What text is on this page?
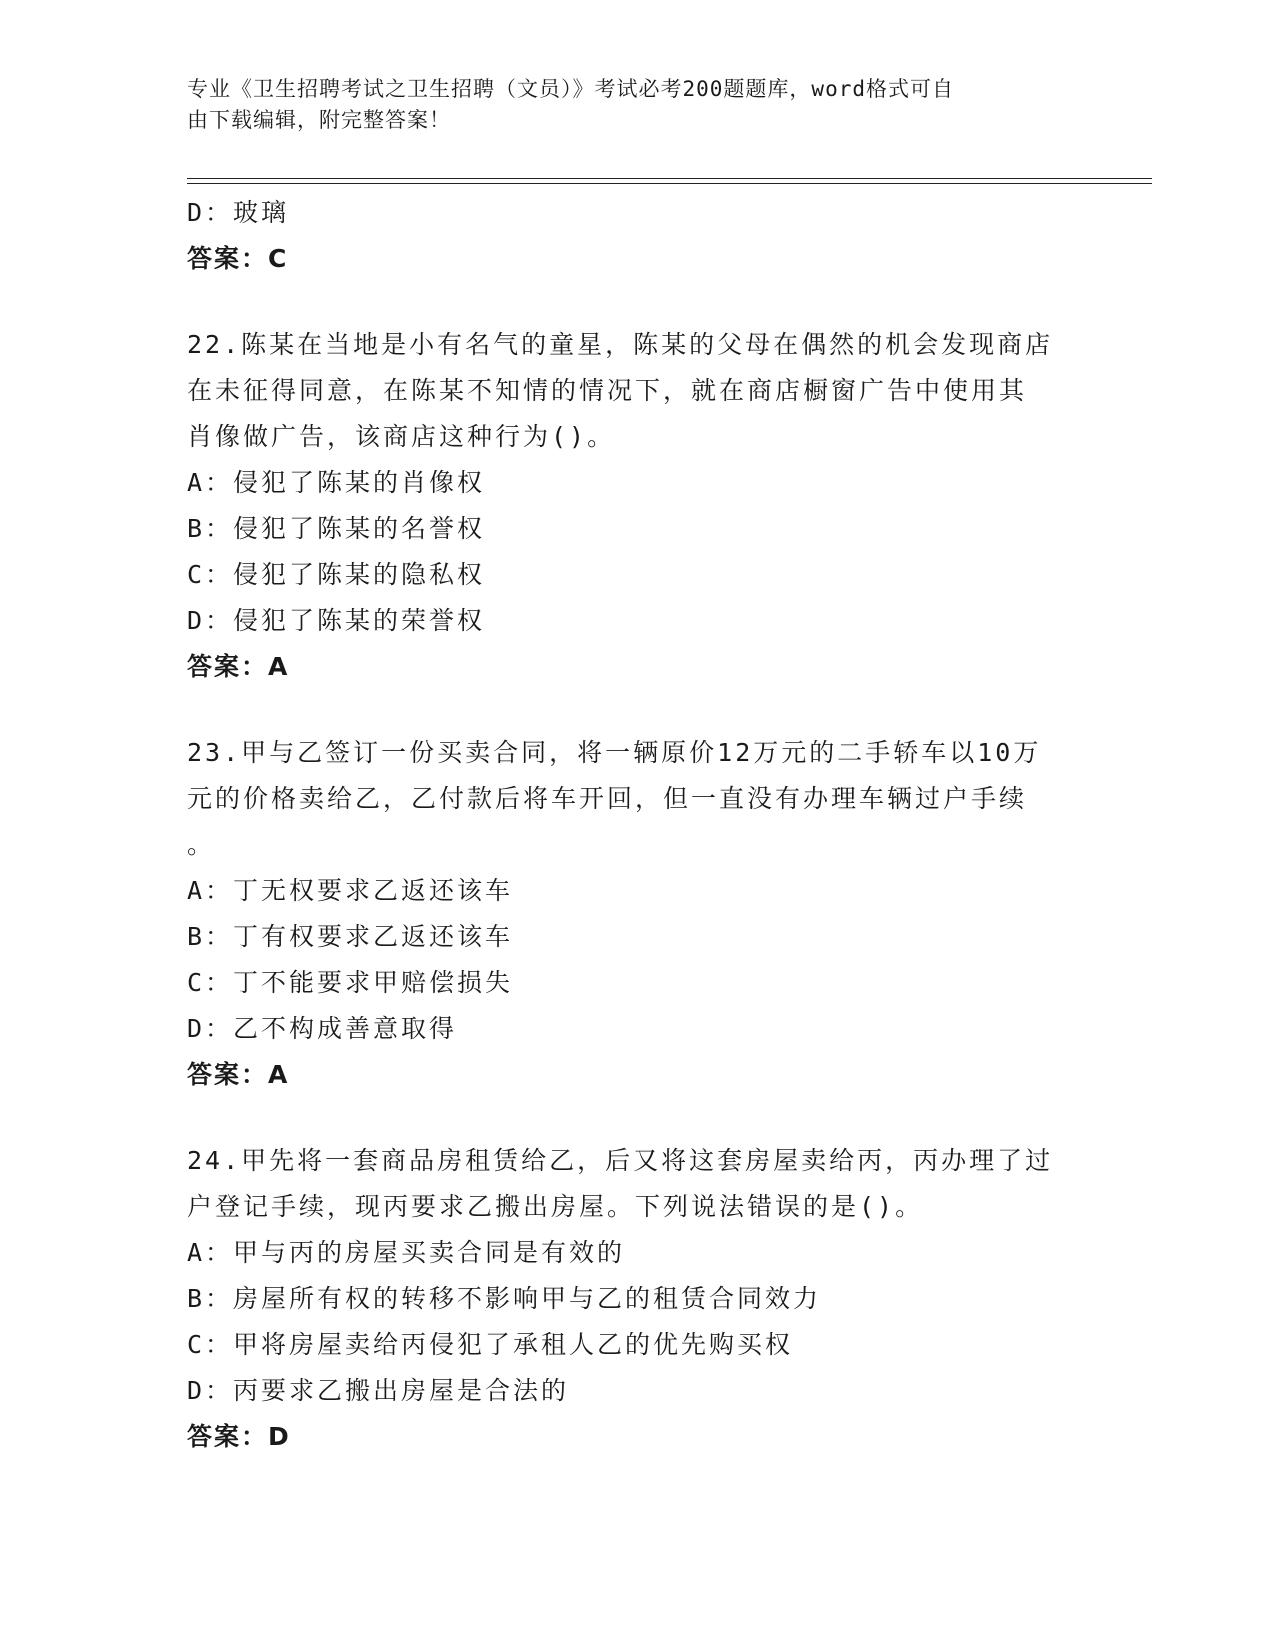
专业《卫生招聘考试之卫生招聘（文员）》考试必考200题题库，word格式可自
由下载编辑，附完整答案！
D：玻璃
答案：C
22.陈某在当地是小有名气的童星，陈某的父母在偶然的机会发现商店
在未征得同意，在陈某不知情的情况下，就在商店橱窗广告中使用其
肖像做广告，该商店这种行为()。
A：侵犯了陈某的肖像权
B：侵犯了陈某的名誉权
C：侵犯了陈某的隐私权
D：侵犯了陈某的荣誉权
答案：A
23.甲与乙签订一份买卖合同，将一辆原价12万元的二手轿车以10万
元的价格卖给乙，乙付款后将车开回，但一直没有办理车辆过户手续
。
A：丁无权要求乙返还该车
B：丁有权要求乙返还该车
C：丁不能要求甲赔偿损失
D：乙不构成善意取得
答案：A
24.甲先将一套商品房租赁给乙，后又将这套房屋卖给丙，丙办理了过
户登记手续，现丙要求乙搬出房屋。下列说法错误的是()。
A：甲与丙的房屋买卖合同是有效的
B：房屋所有权的转移不影响甲与乙的租赁合同效力
C：甲将房屋卖给丙侵犯了承租人乙的优先购买权
D：丙要求乙搬出房屋是合法的
答案：D
